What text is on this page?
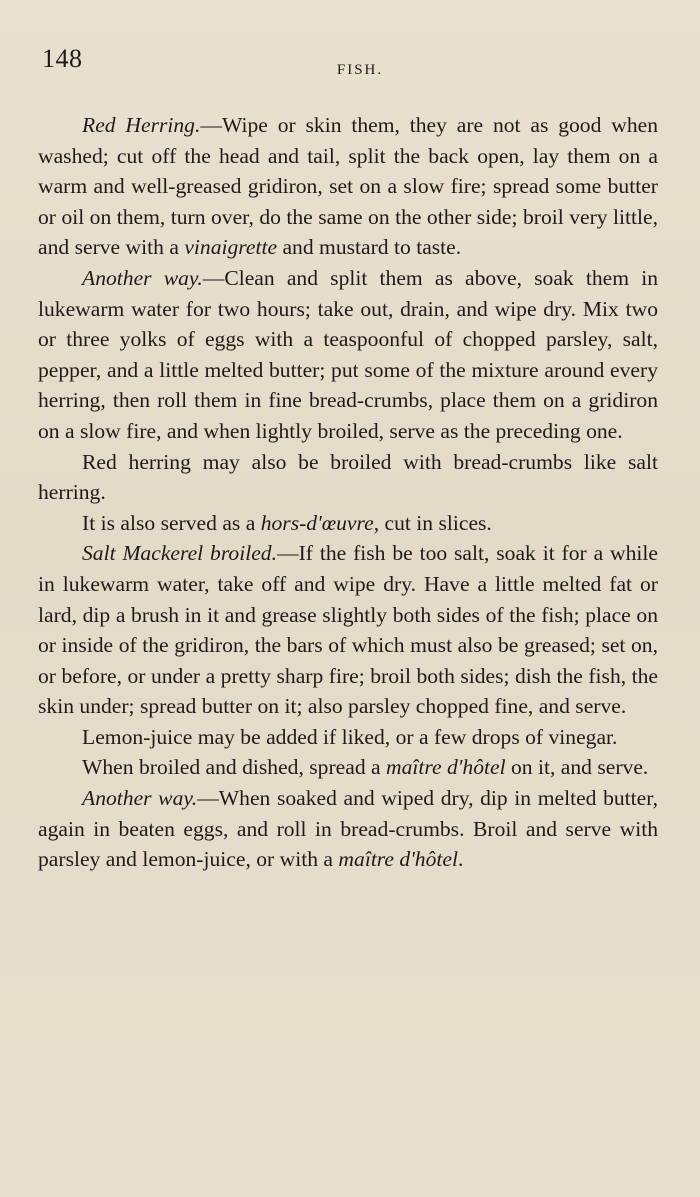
148	FISH.

Red Herring.—Wipe or skin them, they are not as good when washed; cut off the head and tail, split the back open, lay them on a warm and well-greased gridiron, set on a slow fire; spread some butter or oil on them, turn over, do the same on the other side; broil very little, and serve with a vinaigrette and mustard to taste.

Another way.—Clean and split them as above, soak them in lukewarm water for two hours; take out, drain, and wipe dry. Mix two or three yolks of eggs with a teaspoonful of chopped parsley, salt, pepper, and a little melted butter; put some of the mixture around every herring, then roll them in fine bread-crumbs, place them on a gridiron on a slow fire, and when lightly broiled, serve as the preceding one.

Red herring may also be broiled with bread-crumbs like salt herring.

It is also served as a hors-d'œuvre, cut in slices.

Salt Mackerel broiled.—If the fish be too salt, soak it for a while in lukewarm water, take off and wipe dry. Have a little melted fat or lard, dip a brush in it and grease slightly both sides of the fish; place on or inside of the gridiron, the bars of which must also be greased; set on, or before, or under a pretty sharp fire; broil both sides; dish the fish, the skin under; spread butter on it; also parsley chopped fine, and serve.

Lemon-juice may be added if liked, or a few drops of vinegar.

When broiled and dished, spread a maître d'hôtel on it, and serve.

Another way.—When soaked and wiped dry, dip in melted butter, again in beaten eggs, and roll in bread-crumbs. Broil and serve with parsley and lemon-juice, or with a maître d'hôtel.
